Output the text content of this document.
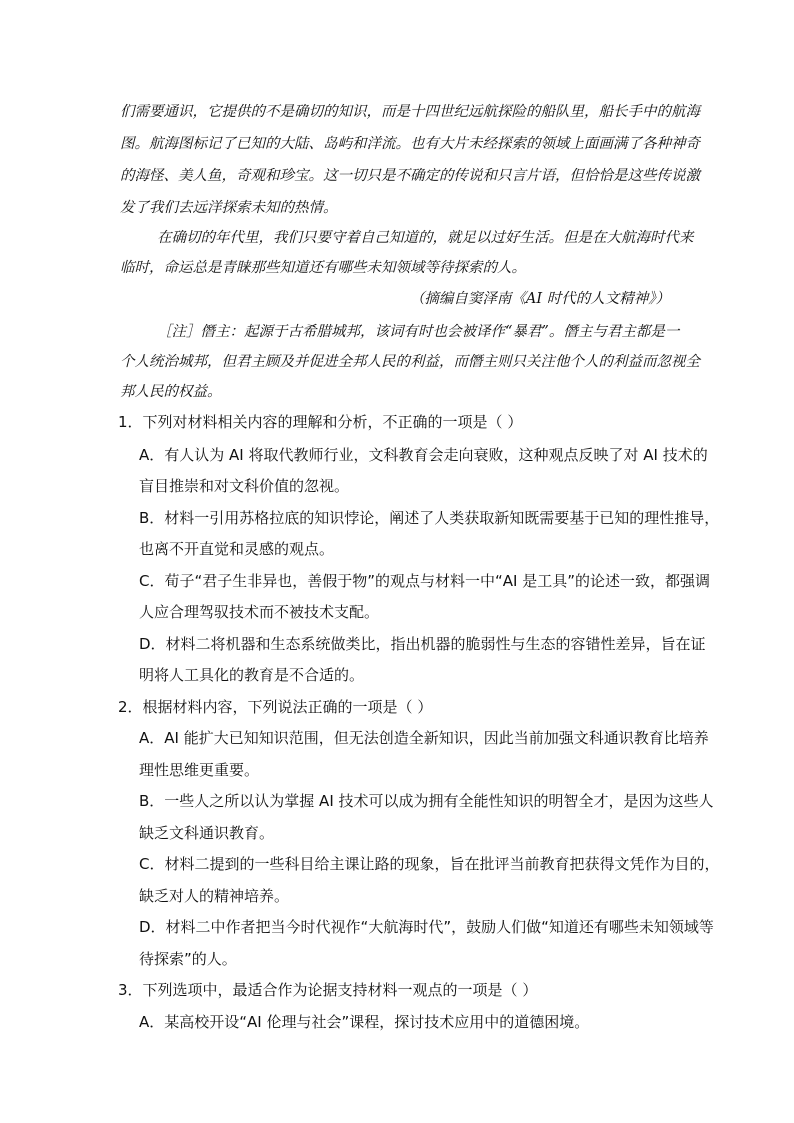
们需要通识，它提供的不是确切的知识，而是十四世纪远航探险的船队里，船长手中的航海
图。航海图标记了已知的大陆、岛屿和洋流。也有大片未经探索的领域上面画满了各种神奇
的海怪、美人鱼，奇观和珍宝。这一切只是不确定的传说和只言片语，但恰恰是这些传说激
发了我们去远洋探索未知的热情。
在确切的年代里，我们只要守着自己知道的，就足以过好生活。但是在大航海时代来
临时，命运总是青睐那些知道还有哪些未知领域等待探索的人。
（摘编自窦泽南《AI 时代的人文精神》）
［注］僭主：起源于古希腊城邦，该词有时也会被译作“暴君”。僭主与君主都是一
个人统治城邦，但君主顾及并促进全邦人民的利益，而僭主则只关注他个人的利益而忽视全
邦人民的权益。
1．下列对材料相关内容的理解和分析，不正确的一项是（ ）
A．有人认为 AI 将取代教师行业，文科教育会走向衰败，这种观点反映了对 AI 技术的
盲目推崇和对文科价值的忽视。
B．材料一引用苏格拉底的知识悖论，阐述了人类获取新知既需要基于已知的理性推导，
也离不开直觉和灵感的观点。
C．荀子“君子生非异也，善假于物”的观点与材料一中“AI 是工具”的论述一致，都强调
人应合理驾驭技术而不被技术支配。
D．材料二将机器和生态系统做类比，指出机器的脆弱性与生态的容错性差异，旨在证
明将人工具化的教育是不合适的。
2．根据材料内容，下列说法正确的一项是（ ）
A．AI 能扩大已知知识范围，但无法创造全新知识，因此当前加强文科通识教育比培养
理性思维更重要。
B．一些人之所以认为掌握 AI 技术可以成为拥有全能性知识的明智全才，是因为这些人
缺乏文科通识教育。
C．材料二提到的一些科目给主课让路的现象，旨在批评当前教育把获得文凭作为目的，
缺乏对人的精神培养。
D．材料二中作者把当今时代视作“大航海时代”，鼓励人们做“知道还有哪些未知领域等
待探索”的人。
3．下列选项中，最适合作为论据支持材料一观点的一项是（ ）
A．某高校开设“AI 伦理与社会”课程，探讨技术应用中的道德困境。
